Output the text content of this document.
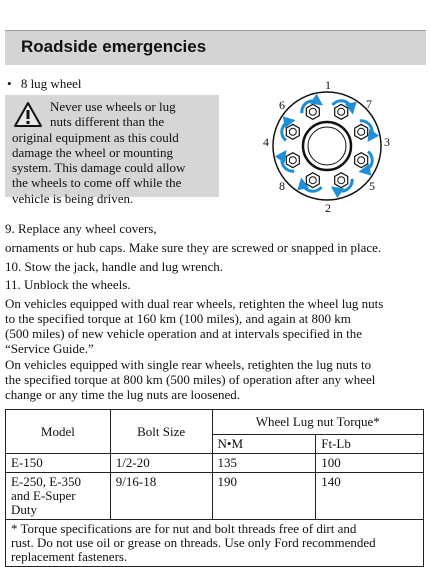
Roadside emergencies
• 8 lug wheel
Never use wheels or lug
nuts different than the
original equipment as this could
damage the wheel or mounting
system. This damage could allow
the wheels to come off while the
vehicle is being driven.
1
2
3
4
5
6	7
8
9. Replace any wheel covers,
ornaments or hub caps. Make sure they are screwed or snapped in place.
10. Stow the jack, handle and lug wrench.
11. Unblock the wheels.
On vehicles equipped with dual rear wheels, retighten the wheel lug nuts
to the specified torque at 160 km (100 miles), and again at 800 km
(500 miles) of new vehicle operation and at intervals specified in the
“Service Guide.”
On vehicles equipped with single rear wheels, retighten the lug nuts to
the specified torque at 800 km (500 miles) of operation after any wheel
change or any time the lug nuts are loosened.
Model	Bolt Size	Wheel Lug nut Torque*	
		N•M	Ft-Lb
E-150	1/2-20	135	100

E-250, E-350
and E-Super
Duty	9/16-18	190	140

* Torque specifications are for nut and bolt threads free of dirt and
rust. Do not use oil or grease on threads. Use only Ford recommended
replacement fasteners.			
